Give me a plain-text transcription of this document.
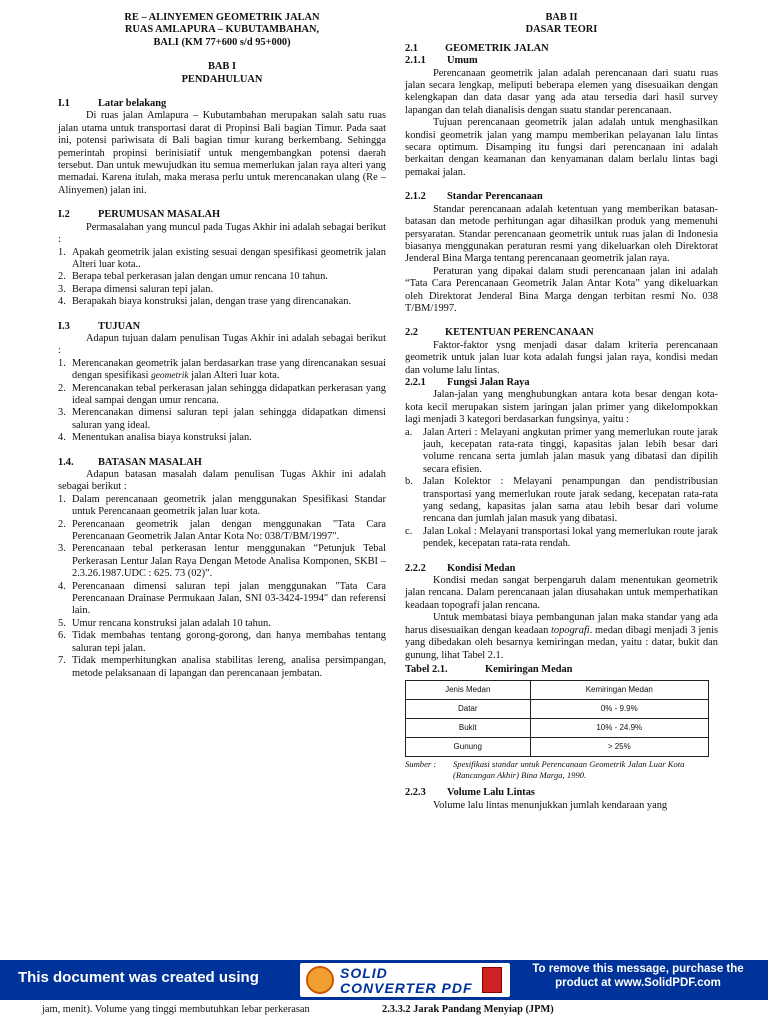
RE – ALINYEMEN GEOMETRIK JALAN

RUAS AMLAPURA – KUBUTAMBAHAN,

BALI (KM 77+600 s/d 95+000)

BAB I

PENDAHULUAN

I.1	Latar belakang

Di ruas jalan Amlapura – Kubutambahan merupakan salah satu ruas jalan utama untuk transportasi darat di Propinsi Bali bagian Timur. Pada saat ini, potensi pariwisata di Bali bagian timur kurang berkembang. Sehingga pemerintah propinsi berinisiatif untuk mengembangkan potensi daerah tersebut. Dan untuk mewujudkan itu semua memerlukan jalan raya alteri yang memadai. Karena itulah, maka merasa perlu untuk merencanakan ulang (Re – Alinyemen) jalan ini.

I.2	PERUMUSAN MASALAH

Permasalahan yang muncul pada Tugas Akhir ini adalah sebagai berikut :

1. Apakah geometrik jalan existing sesuai dengan spesifikasi geometrik jalan Alteri luar kota..
2. Berapa tebal perkerasan jalan dengan umur rencana 10 tahun.
3. Berapa dimensi saluran tepi jalan.
4. Berapakah biaya konstruksi jalan, dengan trase yang direncanakan.
I.3	TUJUAN

Adapun tujuan dalam penulisan Tugas Akhir ini adalah sebagai berikut :

1. Merencanakan geometrik jalan berdasarkan trase yang direncanakan sesuai dengan spesifikasi geometrik jalan Alteri luar kota.
2. Merencanakan tebal perkerasan jalan sehingga didapatkan perkerasan yang ideal sampai dengan umur rencana.
3. Merencanakan dimensi saluran tepi jalan sehingga didapatkan dimensi saluran yang ideal.
4. Menentukan analisa biaya konstruksi jalan.
1.4.	BATASAN MASALAH

Adapun batasan masalah dalam penulisan Tugas Akhir ini adalah sebagai berikut :

1. Dalam perencanaan geometrik jalan menggunakan Spesifikasi Standar untuk Perencanaan geometrik jalan luar kota.
2. Perencanaan geometrik jalan dengan menggunakan "Tata Cara Perencanaan Geometrik Jalan Antar Kota No: 038/T/BM/1997".
3. Perencanaan tebal perkerasan lentur menggunakan “Petunjuk Tebal Perkerasan Lentur Jalan Raya Dengan Metode Analisa Komponen, SKBI – 2.3.26.1987.UDC : 625. 73 (02)”.
4. Perencanaan dimensi saluran tepi jalan menggunakan "Tata Cara Perencanaan Drainase Permukaan Jalan, SNI 03-3424-1994" dan referensi lain.
5. Umur rencana konstruksi jalan adalah 10 tahun.
6. Tidak membahas tentang gorong-gorong, dan hanya membahas tentang saluran tepi jalan.
7. Tidak memperhitungkan analisa stabilitas lereng, analisa persimpangan, metode pelaksanaan di lapangan dan perencanaan jembatan.

BAB II

DASAR TEORI

2.1	GEOMETRIK JALAN
2.1.1	Umum

Perencanaan geometrik jalan adalah perencanaan dari suatu ruas jalan secara lengkap, meliputi beberapa elemen yang disesuaikan dengan kelengkapan dan data dasar yang ada atau tersedia dari hasil survey lapangan dan telah dianalisis dengan suatu standar perencanaan.

Tujuan perencanaan geometrik jalan adalah untuk menghasilkan kondisi geometrik jalan yang mampu memberikan pelayanan lalu lintas secara optimum. Disamping itu fungsi dari perencanaan ini adalah berkaitan dengan keamanan dan kenyamanan dalam berlalu lintas bagi pemakai jalan.

2.1.2	Standar Perencanaan

Standar perencanaan adalah ketentuan yang memberikan batasan-batasan dan metode perhitungan agar dihasilkan produk yang memenuhi persyaratan. Standar perencanaan geometrik untuk ruas jalan di Indonesia biasanya menggunakan peraturan resmi yang dikeluarkan oleh Direktorat Jenderal Bina Marga tentang perencanaan geometrik jalan raya.

Peraturan yang dipakai dalam studi perencanaan jalan ini adalah “Tata Cara Perencanaan Geometrik Jalan Antar Kota” yang dikeluarkan oleh Direktorat Jenderal Bina Marga dengan terbitan resmi No. 038 T/BM/1997.

2.2	KETENTUAN PERENCANAAN

Faktor-faktor ysng menjadi dasar dalam kriteria perencanaan geometrik untuk jalan luar kota adalah fungsi jalan raya, kondisi medan dan volume lalu lintas.

2.2.1	Fungsi Jalan Raya

Jalan-jalan yang menghubungkan antara kota besar dengan kota-kota kecil merupakan sistem jaringan jalan primer yang dikelompokkan lagi menjadi 3 kategori berdasarkan fungsinya, yaitu :

a.	Jalan Arteri : Melayani angkutan primer yang memerlukan route jarak jauh, kecepatan rata-rata tinggi, kapasitas jalan lebih besar dari volume rencana serta jumlah jalan masuk yang dibatasi dan dipilih secara efisien.
b. Jalan Kolektor : Melayani penampungan dan pendistribusian transportasi yang memerlukan route jarak sedang, kecepatan rata-rata yang sedang, kapasitas jalan sama atau lebih besar dari volume rencana dan jumlah jalan masuk yang dibatasi.
c.	Jalan Lokal : Melayani transportasi lokal yang memerlukan route jarak pendek, kecepatan rata-rata rendah.
2.2.2	Kondisi Medan

Kondisi medan sangat berpengaruh dalam menentukan geometrik jalan rencana. Dalam perencanaan jalan diusahakan untuk memperhatikan keadaan topografi jalan rencana.

Untuk membatasi biaya pembangunan jalan maka standar yang ada harus disesuaikan dengan keadaan topografi. medan dibagi menjadi 3 jenis yang dibedakan oleh besarnya kemiringan medan, yaitu : datar, bukit dan gunung, lihat Tabel 2.1.

Tabel 2.1.	Kemiringan Medan
Jenis Medan	Kemiringan Medan
Datar	0% - 9.9%
Bukit	10% - 24.9%
Gunung	> 25%
Sumber :	Spesifikasi standar untuk Perencanaan Geometrik Jalan Luar Kota (Rancangan Akhir) Bina Marga, 1990.
2.2.3	Volume Lalu Lintas

Volume lalu lintas menunjukkan jumlah kendaraan yang

This document was created using	SOLID
CONVERTER PDF
To remove this message, purchase the
product at www.SolidPDF.com
jam, menit). Volume yang tinggi membutuhkan lebar perkerasan	2.3.3.2 Jarak Pandang Menyiap (JPM)
